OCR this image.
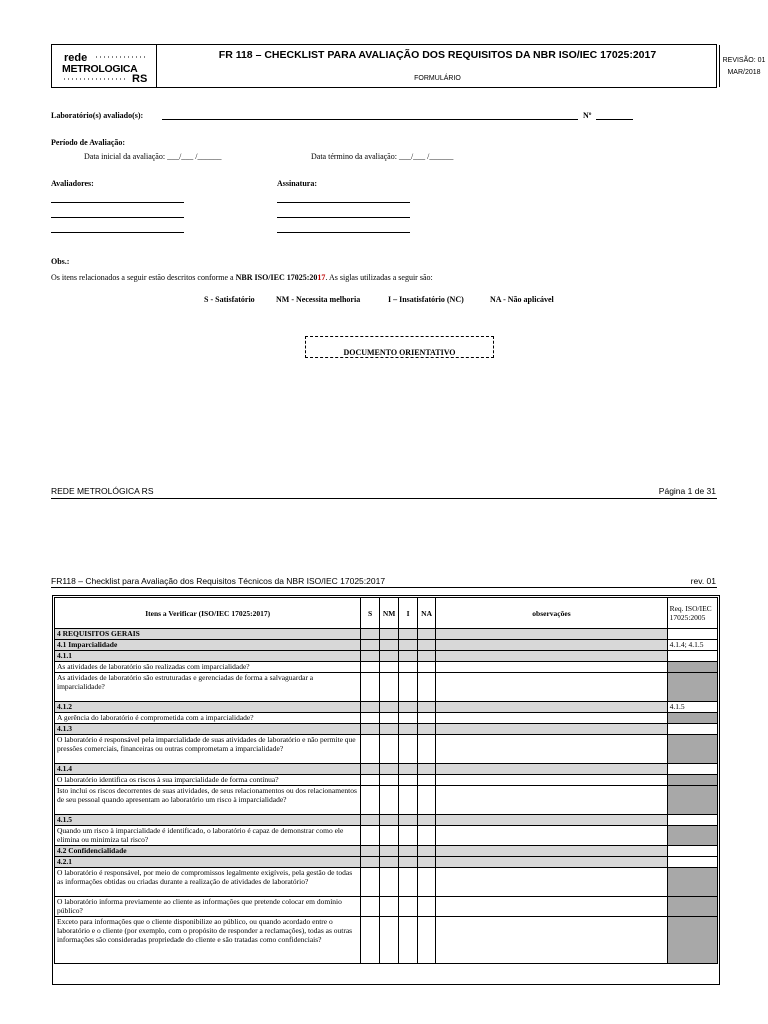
rede
METROLOGICA
RS
FR 118 – CHECKLIST PARA AVALIAÇÃO DOS REQUISITOS DA NBR ISO/IEC 17025:2017
FORMULÁRIO
REVISÃO: 01
MAR/2018
Laboratório(s) avaliado(s):	Nº
Período de Avaliação:
Data inicial da avaliação: ___/___ /______	Data término da avaliação: ___/___ /______
Avaliadores:	Assinatura:
Obs.:
Os itens relacionados a seguir estão descritos conforme a NBR ISO/IEC 17025:2017. As siglas utilizadas a seguir são:
S - Satisfatório	NM - Necessita melhoria	I – Insatisfatório (NC)	NA - Não aplicável
DOCUMENTO ORIENTATIVO
REDE METROLÓGICA RS	Página 1 de 31
FR118 – Checklist para Avaliação dos Requisitos Técnicos da NBR ISO/IEC 17025:2017	rev. 01
Itens a Verificar (ISO/IEC 17025:2017)	S	NM	I	NA	observações	Req. ISO/IEC 17025:2005
4 REQUISITOS GERAIS						
4.1 Imparcialidade						4.1.4; 4.1.5
4.1.1						
As atividades de laboratório são realizadas com imparcialidade?						
As atividades de laboratório são estruturadas e gerenciadas de forma a salvaguardar a imparcialidade?						
4.1.2						4.1.5
A gerência do laboratório é comprometida com a imparcialidade?						
4.1.3						
O laboratório é responsável pela imparcialidade de suas atividades de laboratório e não permite que pressões comerciais, financeiras ou outras comprometam a imparcialidade?						
4.1.4						
O laboratório identifica os riscos à sua imparcialidade de forma contínua?						
Isto inclui os riscos decorrentes de suas atividades, de seus relacionamentos ou dos relacionamentos de seu pessoal quando apresentam ao laboratório um risco à imparcialidade?						
4.1.5						
Quando um risco à imparcialidade é identificado, o laboratório é capaz de demonstrar como ele elimina ou minimiza tal risco?						
4.2 Confidencialidade						
4.2.1						
O laboratório é responsável, por meio de compromissos legalmente exigíveis, pela gestão de todas as informações obtidas ou criadas durante a realização de atividades de laboratório?						
O laboratório informa previamente ao cliente as informações que pretende colocar em domínio público?						
Exceto para informações que o cliente disponibilize ao público, ou quando acordado entre o laboratório e o cliente (por exemplo, com o propósito de responder a reclamações), todas as outras informações são consideradas propriedade do cliente e são tratadas como confidenciais?						
